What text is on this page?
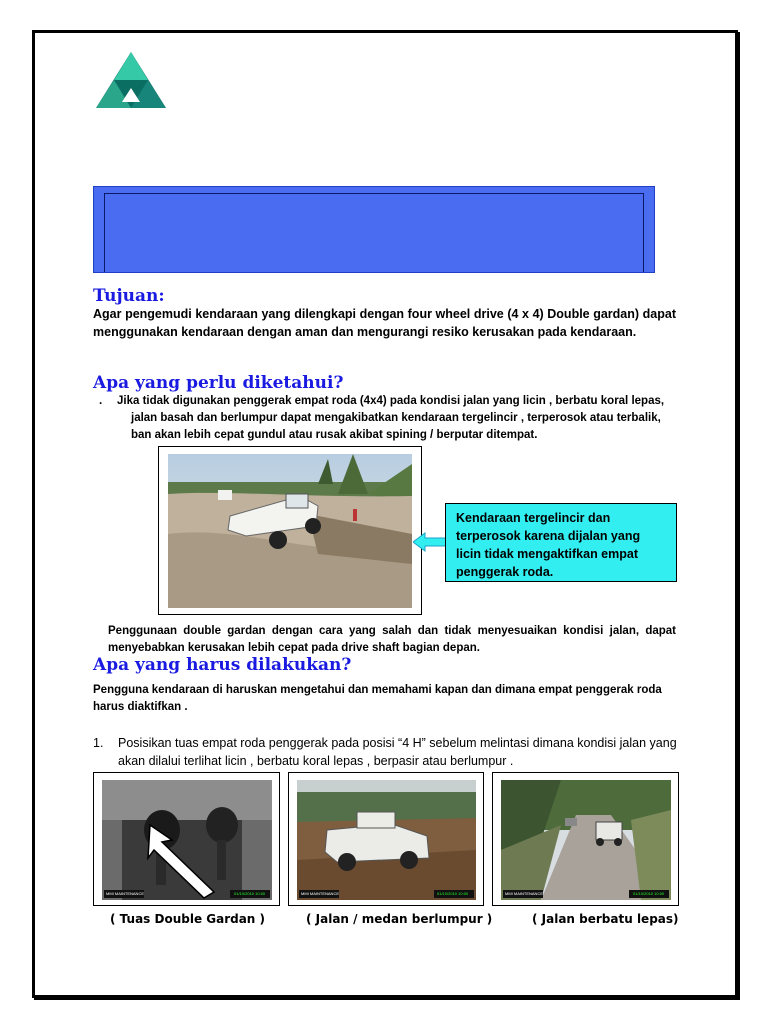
Tujuan:
Agar pengemudi kendaraan yang dilengkapi dengan four wheel drive (4 x 4) Double gardan) dapat menggunakan kendaraan dengan aman dan mengurangi resiko kerusakan pada kendaraan.
Apa yang perlu diketahui?
. Jika tidak digunakan penggerak empat roda (4x4) pada kondisi jalan yang licin , berbatu koral lepas, jalan basah dan berlumpur dapat mengakibatkan kendaraan tergelincir , terperosok atau terbalik, ban akan lebih cepat gundul atau rusak akibat spining / berputar ditempat.
Kendaraan tergelincir dan terperosok karena dijalan yang licin tidak mengaktifkan empat penggerak roda.
Penggunaan double gardan dengan cara yang salah dan tidak menyesuaikan kondisi jalan, dapat menyebabkan kerusakan lebih cepat pada drive shaft bagian depan.
Apa yang harus dilakukan?
Pengguna kendaraan di haruskan mengetahui dan memahami kapan dan dimana empat penggerak roda harus diaktifkan .
1. Posisikan tuas empat roda penggerak pada posisi “4 H” sebelum melintasi dimana kondisi jalan yang akan dilalui terlihat licin , berbatu koral lepas , berpasir atau berlumpur .
MMI MAINTENANCE	01/10/2010 10:00	MMI MAINTENANCE	01/10/2010 10:00	MMI MAINTENANCE	01/10/2010 10:00
( Tuas Double Gardan )	( Jalan / medan berlumpur )	( Jalan berbatu lepas)
